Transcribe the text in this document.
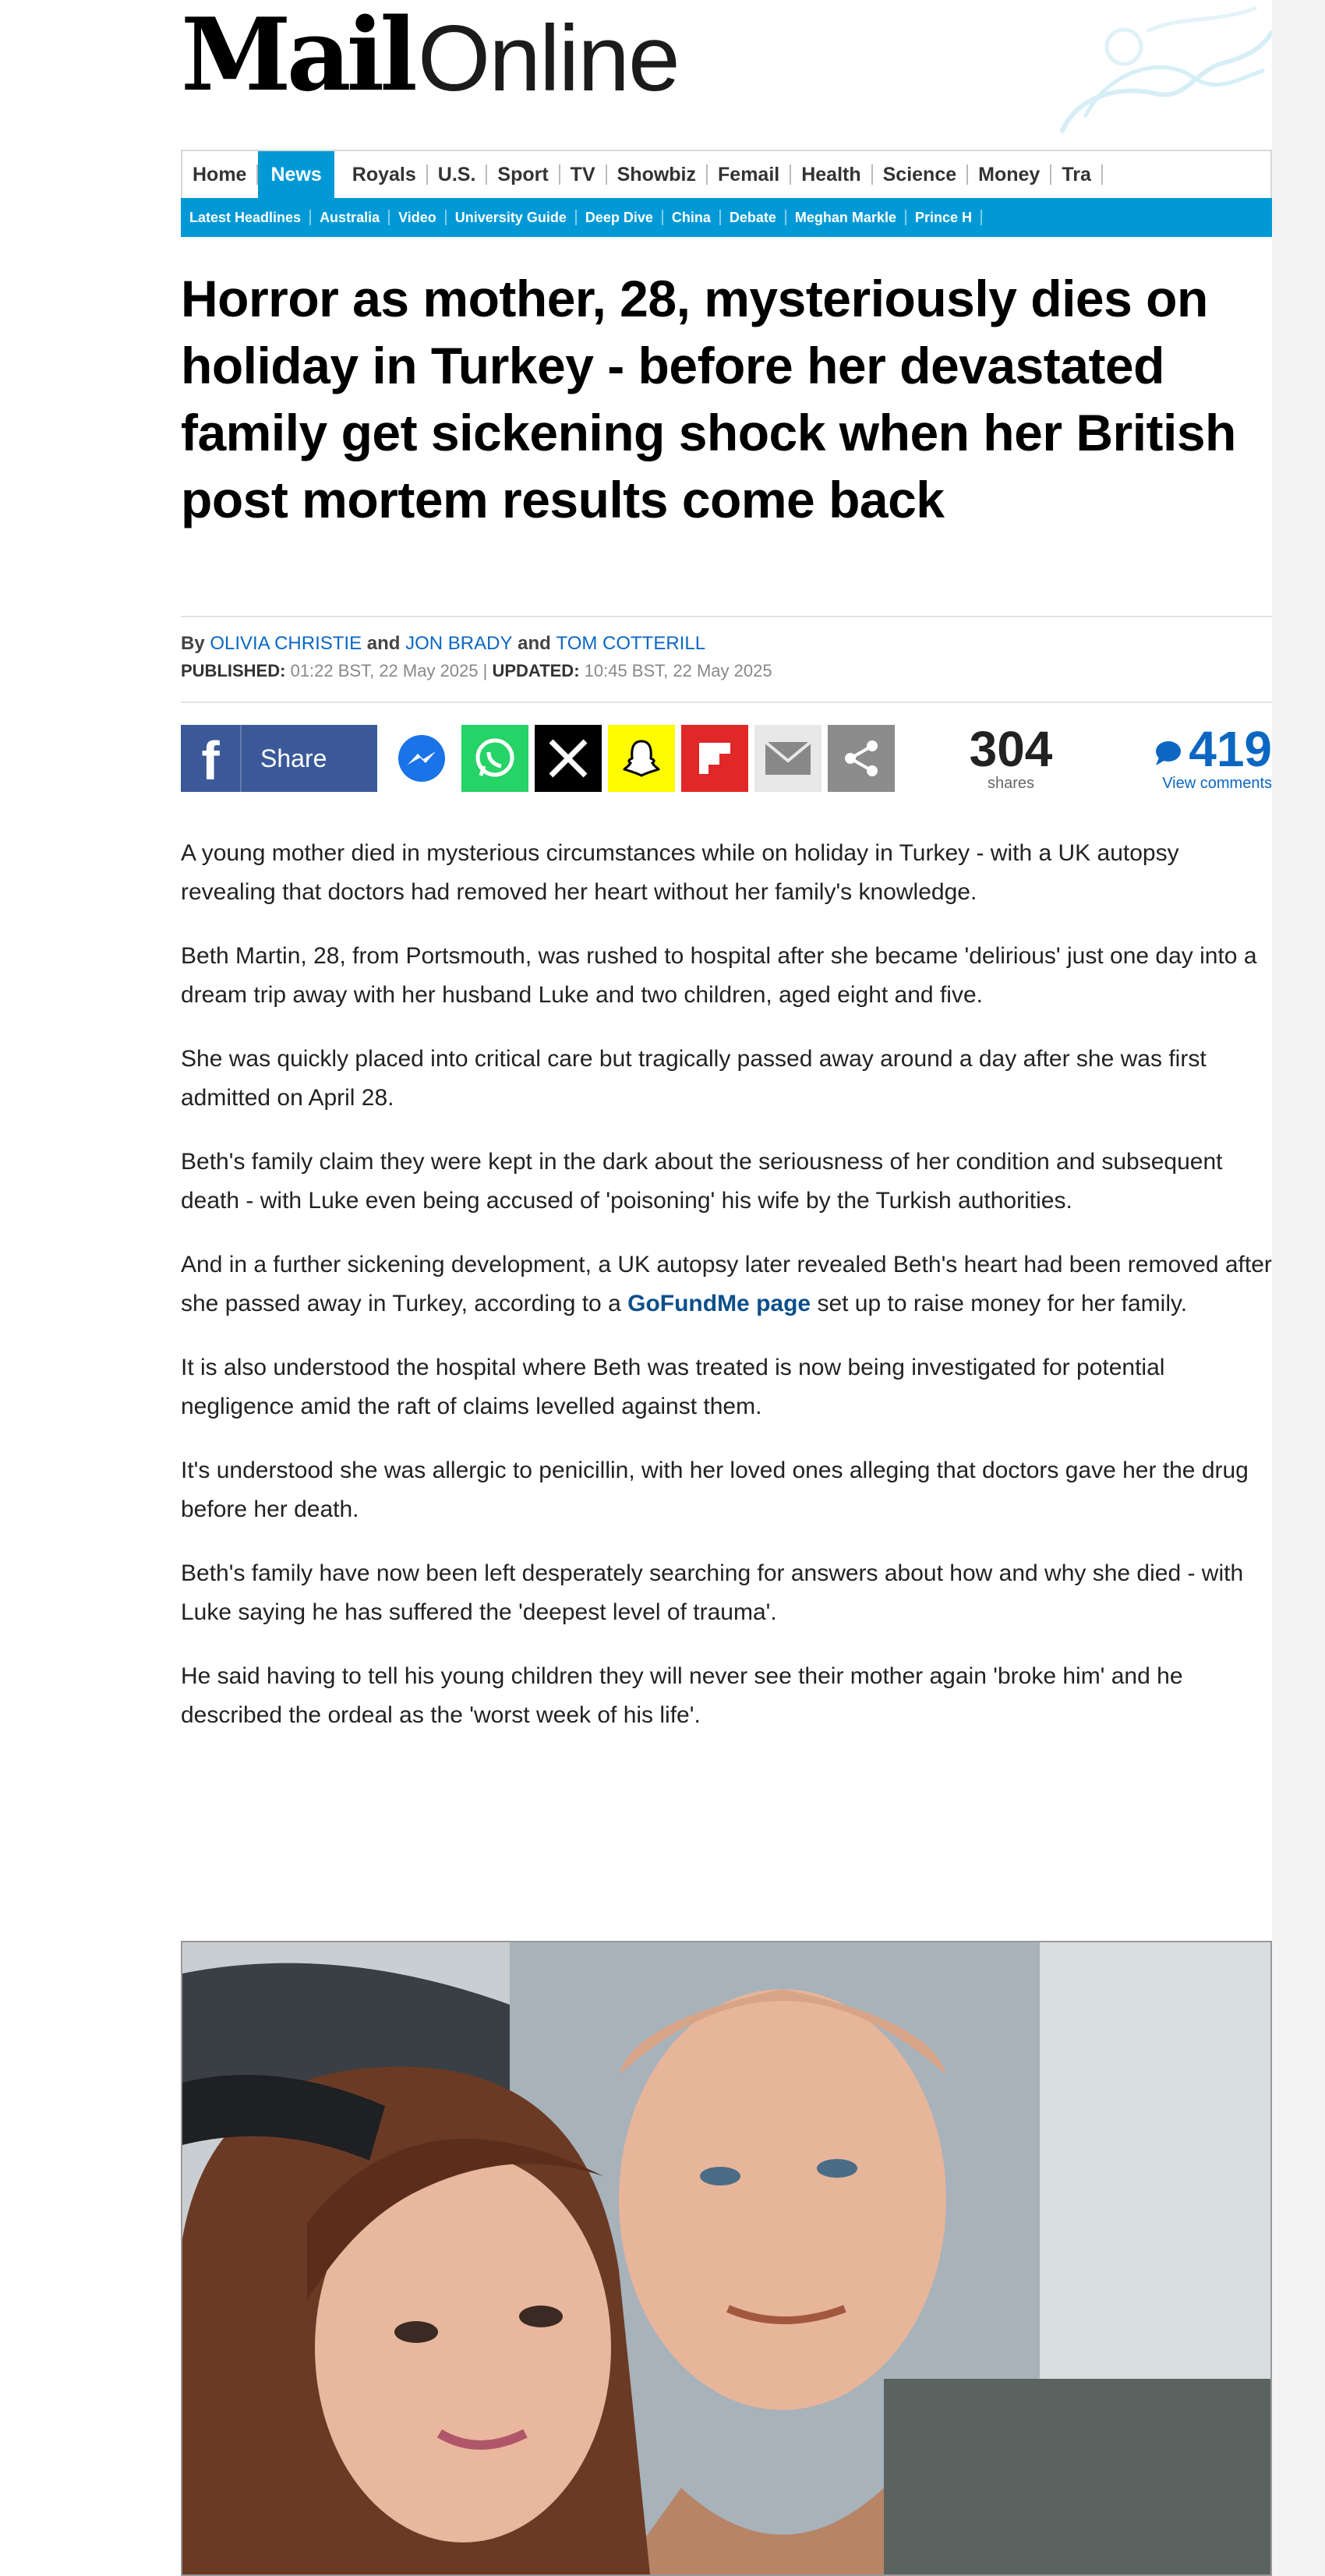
Mail Online
Home	News	Royals	U.S.	Sport	TV	Showbiz	Femail	Health	Science	Money	Tra
Latest Headlines	Australia	Video	University Guide	Deep Dive	China	Debate	Meghan Markle	Prince H
Horror as mother, 28, mysteriously dies on holiday in Turkey - before her devastated family get sickening shock when her British post mortem results come back
By OLIVIA CHRISTIE and JON BRADY and TOM COTTERILL
PUBLISHED: 01:22 BST, 22 May 2025 | UPDATED: 10:45 BST, 22 May 2025
f	Share	304
shares
419
View comments

A young mother died in mysterious circumstances while on holiday in Turkey - with a UK autopsy revealing that doctors had removed her heart without her family's knowledge.

Beth Martin, 28, from Portsmouth, was rushed to hospital after she became 'delirious' just one day into a dream trip away with her husband Luke and two children, aged eight and five.

She was quickly placed into critical care but tragically passed away around a day after she was first admitted on April 28.

Beth's family claim they were kept in the dark about the seriousness of her condition and subsequent death - with Luke even being accused of 'poisoning' his wife by the Turkish authorities.

And in a further sickening development, a UK autopsy later revealed Beth's heart had been removed after she passed away in Turkey, according to a GoFundMe page set up to raise money for her family.

It is also understood the hospital where Beth was treated is now being investigated for potential negligence amid the raft of claims levelled against them.

It's understood she was allergic to penicillin, with her loved ones alleging that doctors gave her the drug before her death.

Beth's family have now been left desperately searching for answers about how and why she died - with Luke saying he has suffered the 'deepest level of trauma'.

He said having to tell his young children they will never see their mother again 'broke him' and he described the ordeal as the 'worst week of his life'.
